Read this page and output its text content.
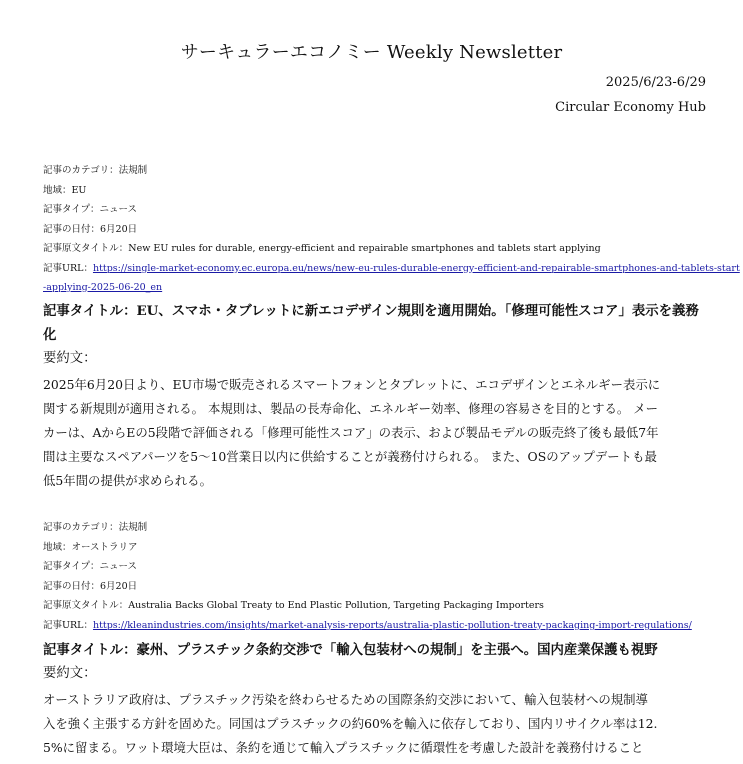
サーキュラーエコノミー Weekly Newsletter
2025/6/23-6/29
Circular Economy Hub
記事のカテゴリ：法規制
地域：EU
記事タイプ：ニュース
記事の日付：6月20日
記事原文タイトル：New EU rules for durable, energy-efficient and repairable smartphones and tablets start applying
記事URL：https://single-market-economy.ec.europa.eu/news/new-eu-rules-durable-energy-efficient-and-repairable-smartphones-and-tablets-start
-applying-2025-06-20_en
記事タイトル：EU、スマホ・タブレットに新エコデザイン規則を適用開始。「修理可能性スコア」表示を義務
化
要約文：
2025年6月20日より、EU市場で販売されるスマートフォンとタブレットに、エコデザインとエネルギー表示に
関する新規則が適用される。 本規則は、製品の長寿命化、エネルギー効率、修理の容易さを目的とする。 メー
カーは、AからEの5段階で評価される「修理可能性スコア」の表示、および製品モデルの販売終了後も最低7年
間は主要なスペアパーツを5～10営業日以内に供給することが義務付けられる。 また、OSのアップデートも最
低5年間の提供が求められる。
記事のカテゴリ：法規制
地域：オーストラリア
記事タイプ：ニュース
記事の日付：6月20日
記事原文タイトル：Australia Backs Global Treaty to End Plastic Pollution, Targeting Packaging Importers
記事URL：https://kleanindustries.com/insights/market-analysis-reports/australia-plastic-pollution-treaty-packaging-import-regulations/
記事タイトル：豪州、プラスチック条約交渉で「輸入包装材への規制」を主張へ。国内産業保護も視野
要約文：
オーストラリア政府は、プラスチック汚染を終わらせるための国際条約交渉において、輸入包装材への規制導
入を強く主張する方針を固めた。同国はプラスチックの約60%を輸入に依存しており、国内リサイクル率は12.
5%に留まる。ワット環境大臣は、条約を通じて輸入プラスチックに循環性を考慮した設計を義務付けること
